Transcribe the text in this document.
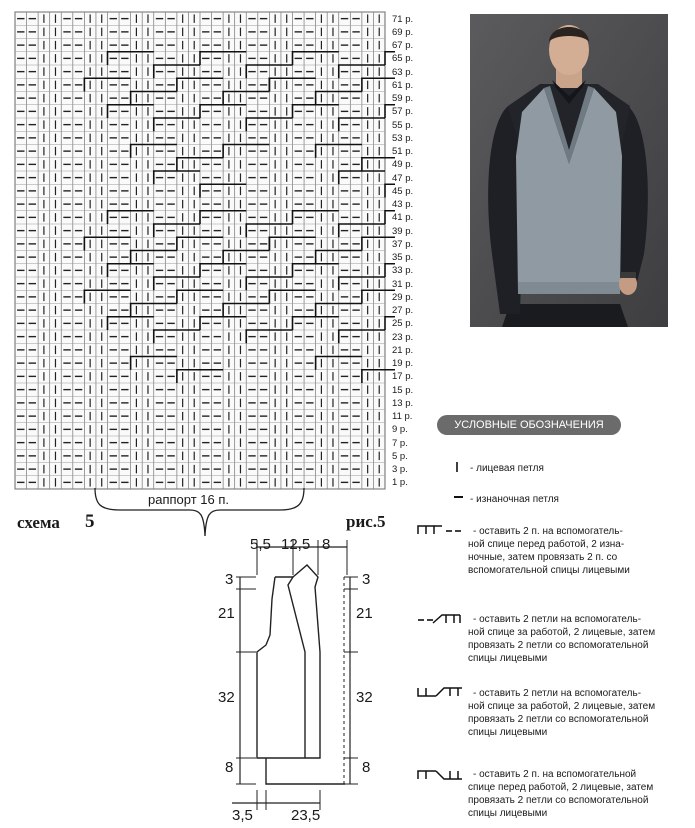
71 р.
69 р.
67 р.
65 р.
63 р.
61 р.
59 р.
57 р.
55 р.
53 р.
51 р.
49 р.
47 р.
45 р.
43 р.
41 р.
39 р.
37 р.
35 р.
33 р.
31 р.
29 р.
27 р.
25 р.
23 р.
21 р.
19 р.
17 р.
15 р.
13 р.
11 р.
9 р.
7 р.
5 р.
3 р.
1 р.
раппорт 16 п.
схема 5	рис.5
УСЛОВНЫЕ ОБОЗНАЧЕНИЯ
- лицевая петля
- изнаночная петля
- оставить 2 п. на вспомогатель-
ной спице перед работой, 2 изна-
ночные, затем провязать 2 п. со
вспомогательной спицы лицевыми
- оставить 2 петли на вспомогатель-
ной спице за работой, 2 лицевые, затем
провязать 2 петли со вспомогательной
спицы лицевыми
- оставить 2 петли на вспомогатель-
ной спице за работой, 2 лицевые, затем
провязать 2 петли со вспомогательной
спицы лицевыми
- оставить 2 п. на вспомогательной
спице перед работой, 2 лицевые, затем
провязать 2 петли со вспомогательной
спицы лицевыми
5,5 12,5 8
3
21
32
8
3
21
32
8
3,5	23,5
